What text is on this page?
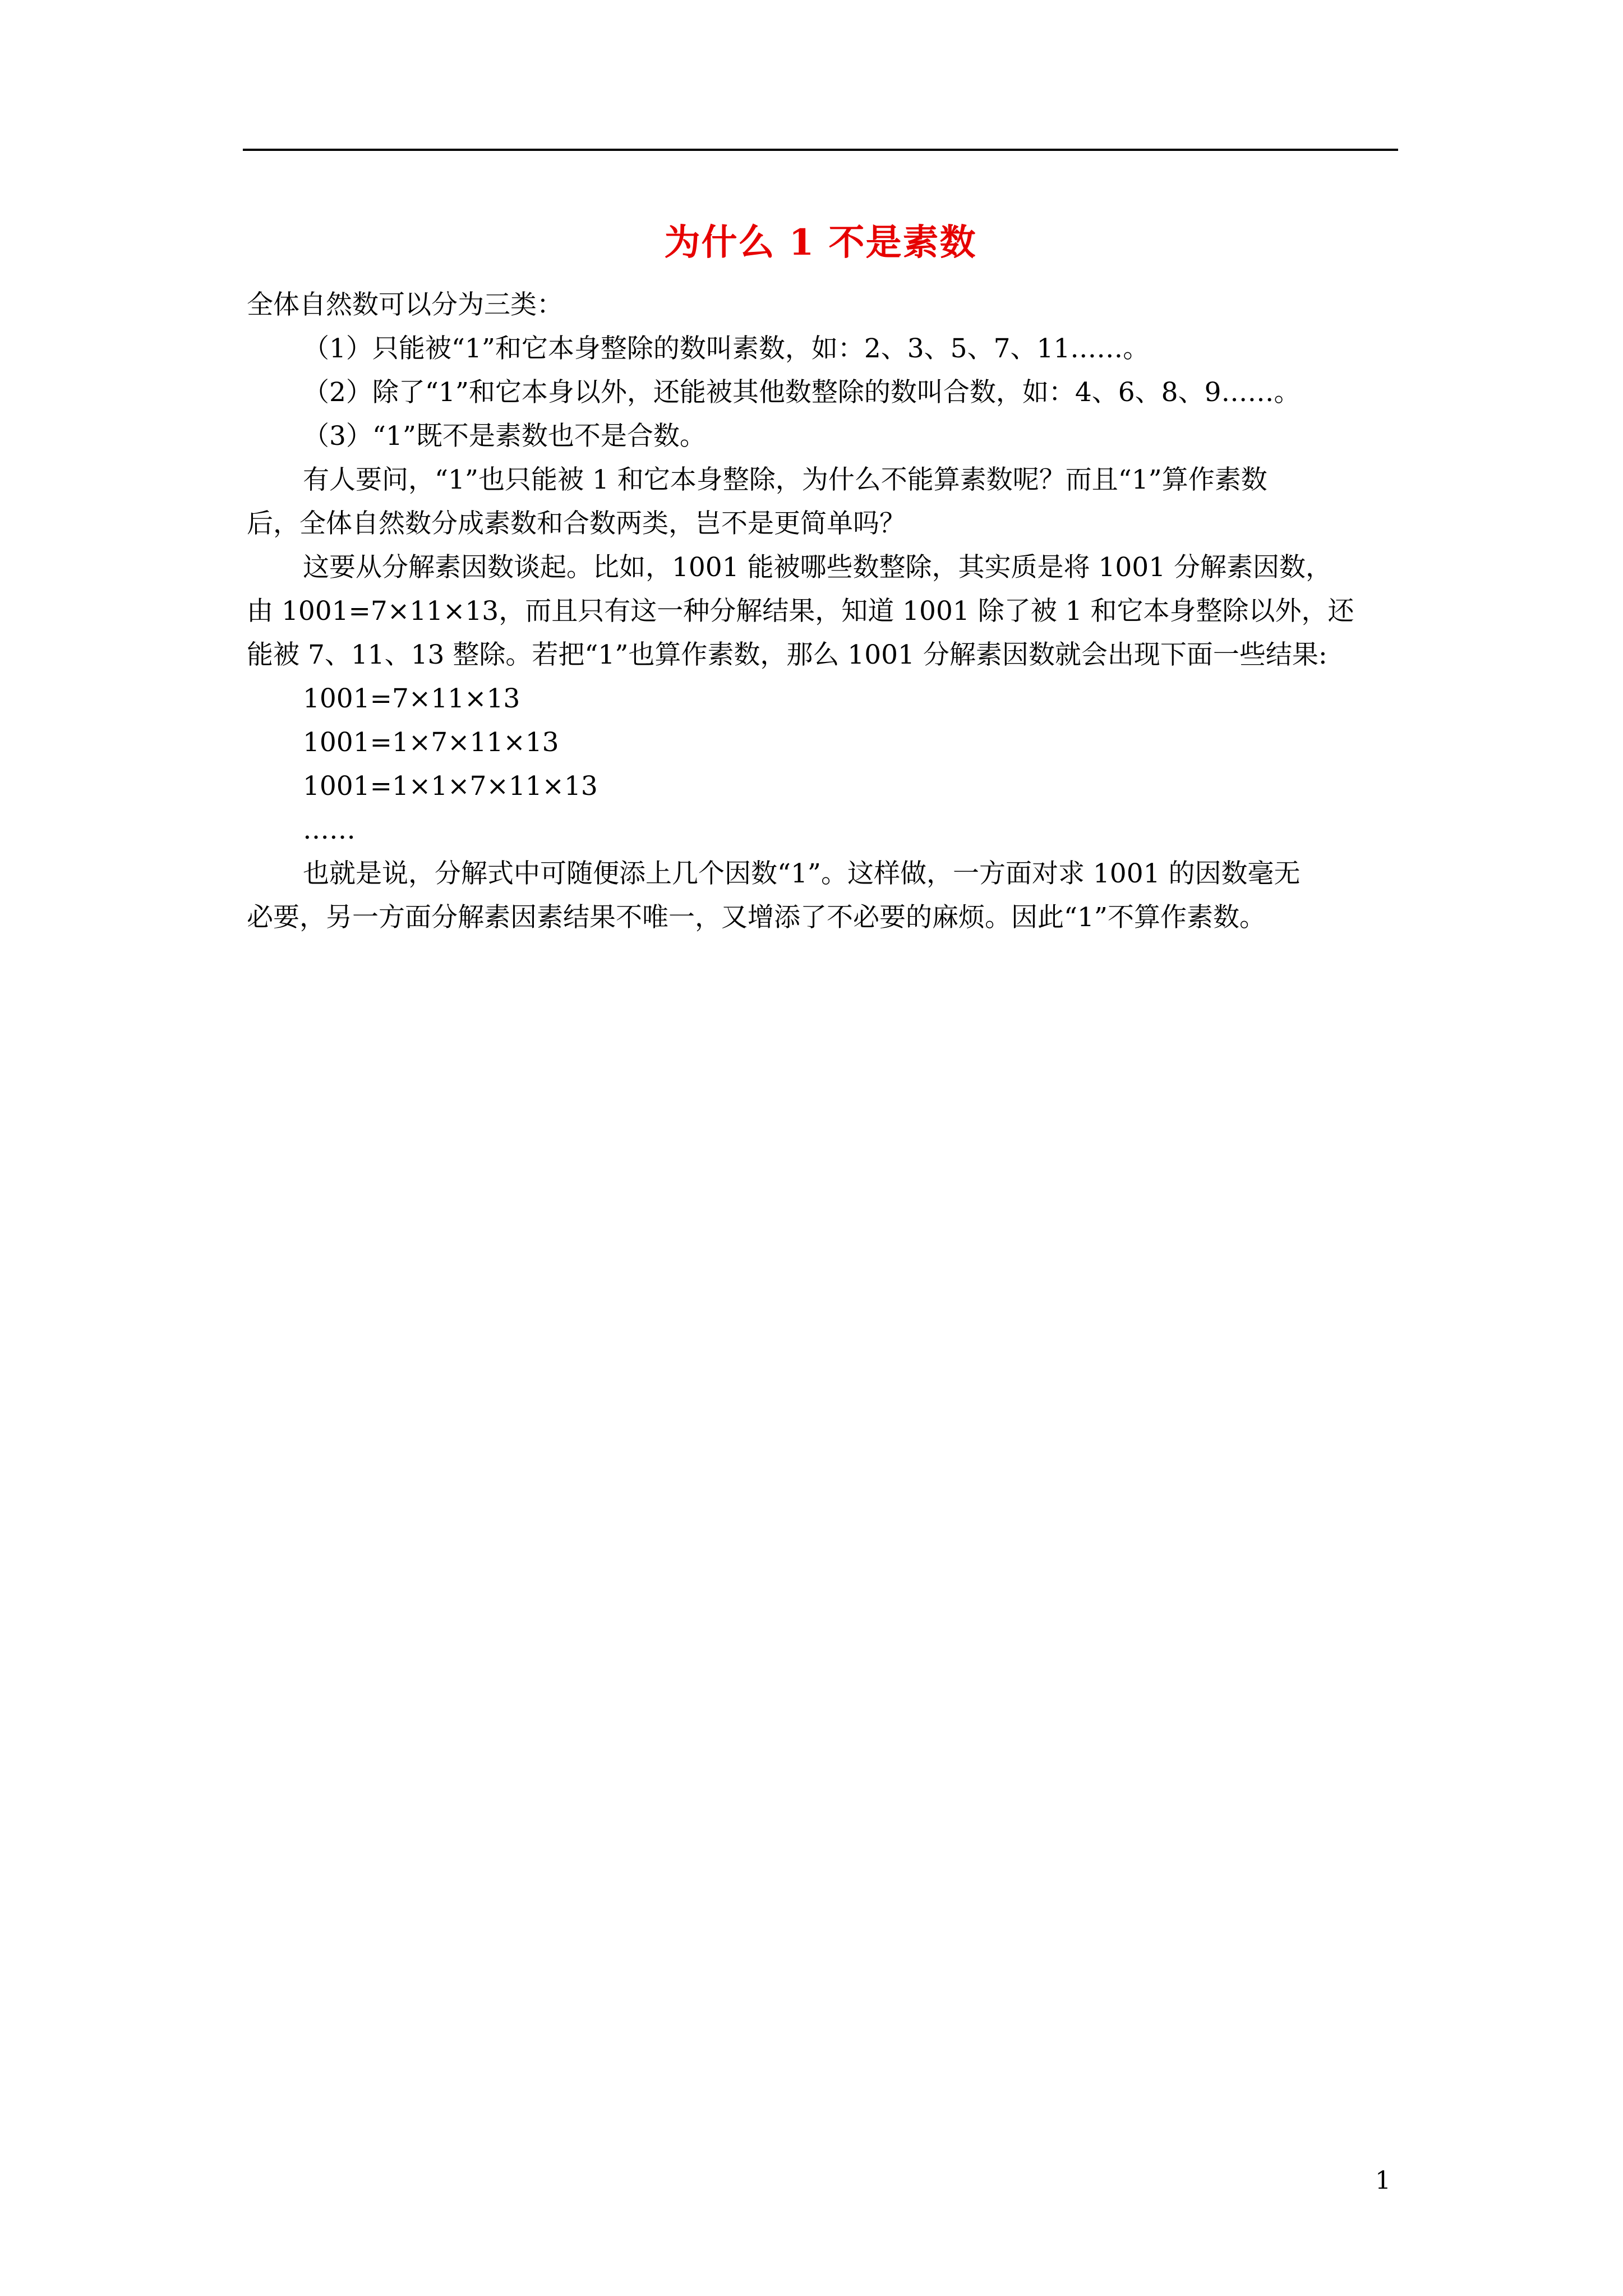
为什么 1 不是素数
全体自然数可以分为三类：
（1）只能被“1”和它本身整除的数叫素数，如：2、3、5、7、11……。
（2）除了“1”和它本身以外，还能被其他数整除的数叫合数，如：4、6、8、9……。
（3）“1”既不是素数也不是合数。
有人要问，“1”也只能被 1 和它本身整除，为什么不能算素数呢？而且“1”算作素数
后，全体自然数分成素数和合数两类，岂不是更简单吗？
这要从分解素因数谈起。比如，1001 能被哪些数整除，其实质是将 1001 分解素因数，
由 1001=7×11×13，而且只有这一种分解结果，知道 1001 除了被 1 和它本身整除以外，还
能被 7、11、13 整除。若把“1”也算作素数，那么 1001 分解素因数就会出现下面一些结果:
1001=7×11×13
1001=1×7×11×13
1001=1×1×7×11×13
……
也就是说，分解式中可随便添上几个因数“1”。这样做，一方面对求 1001 的因数毫无
必要，另一方面分解素因素结果不唯一，又增添了不必要的麻烦。因此“1”不算作素数。
1
